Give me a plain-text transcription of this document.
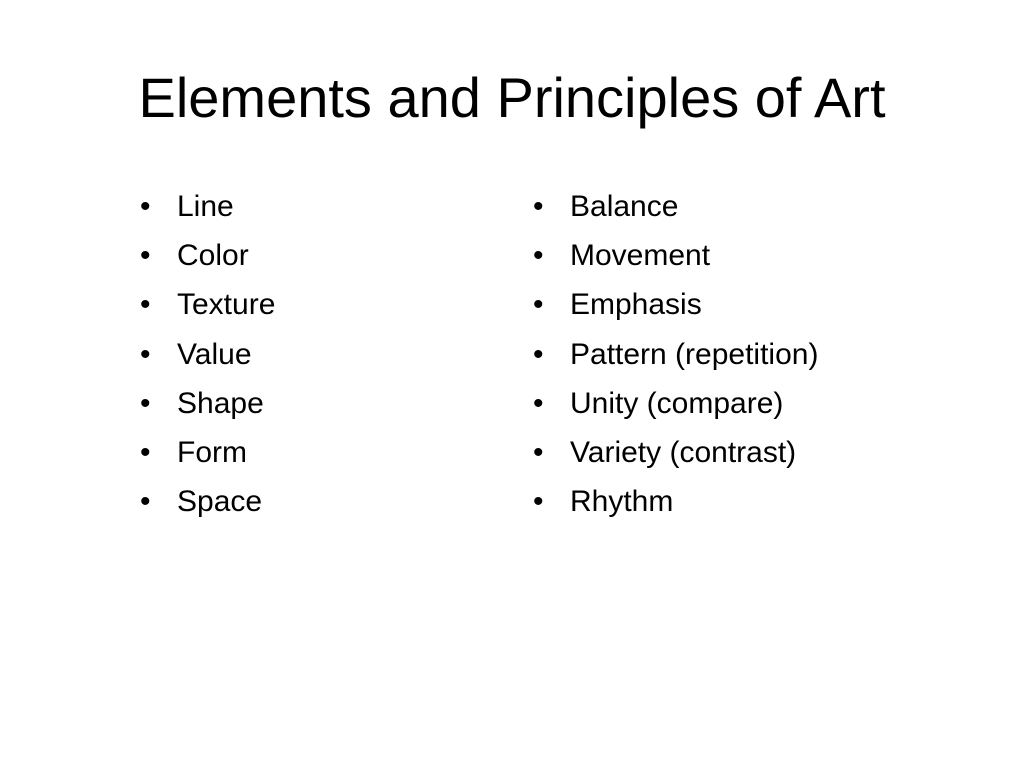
Elements and Principles of Art
• Line
• Color
• Texture
• Value
• Shape
• Form
• Space
• Balance
• Movement
• Emphasis
• Pattern (repetition)
• Unity (compare)
• Variety (contrast)
• Rhythm
